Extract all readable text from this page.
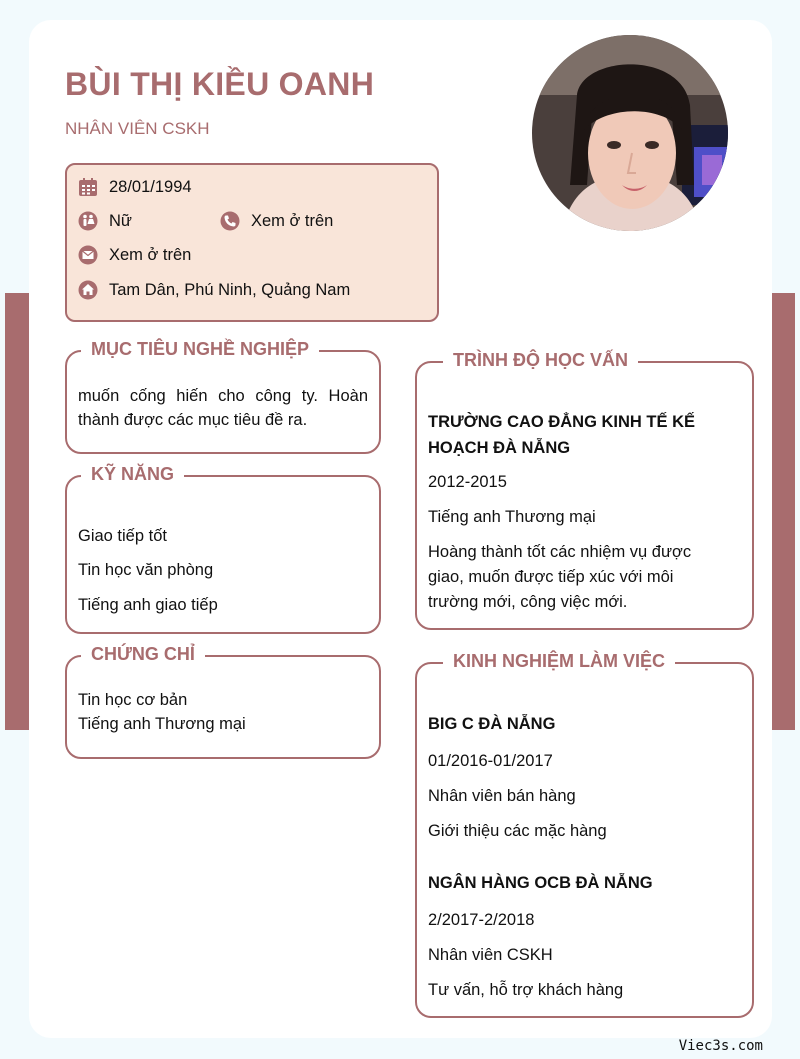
BÙI THỊ KIỀU OANH
NHÂN VIÊN CSKH
28/01/1994
Nữ	Xem ở trên
Xem ở trên
Tam Dân, Phú Ninh, Quảng Nam
MỤC TIÊU NGHỀ NGHIỆP
muốn cống hiến cho công ty. Hoàn thành được các mục tiêu đề ra.
KỸ NĂNG
Giao tiếp tốt
Tin học văn phòng
Tiếng anh giao tiếp
CHỨNG CHỈ
Tin học cơ bản
Tiếng anh Thương mại
TRÌNH ĐỘ HỌC VẤN
TRƯỜNG CAO ĐẲNG KINH TẾ KẾ HOẠCH ĐÀ NẴNG
2012-2015
Tiếng anh Thương mại
Hoàng thành tốt các nhiệm vụ được giao, muốn được tiếp xúc với môi trường mới, công việc mới.
KINH NGHIỆM LÀM VIỆC
BIG C ĐÀ NẴNG
01/2016-01/2017
Nhân viên bán hàng
Giới thiệu các mặc hàng
NGÂN HÀNG OCB ĐÀ NẴNG
2/2017-2/2018
Nhân viên CSKH
Tư vấn, hỗ trợ khách hàng
Viec3s.com
